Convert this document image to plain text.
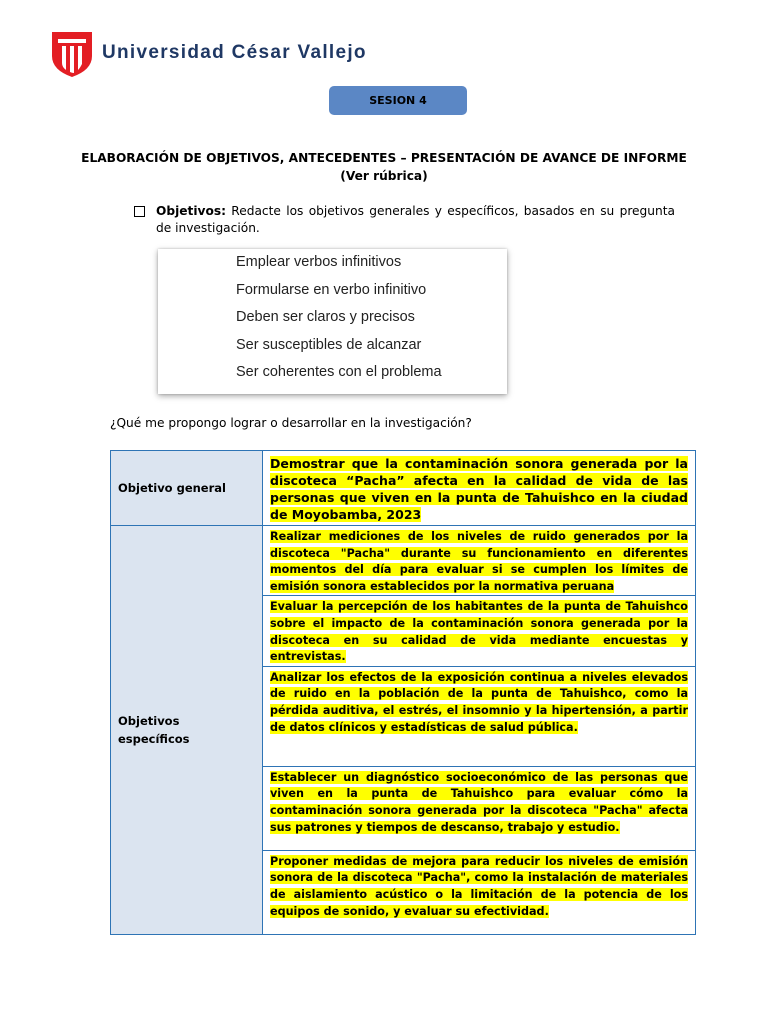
Universidad César Vallejo
SESION 4
ELABORACIÓN DE OBJETIVOS, ANTECEDENTES – PRESENTACIÓN DE AVANCE DE INFORME
(Ver rúbrica)
Objetivos: Redacte los objetivos generales y específicos, basados en su pregunta de investigación.
Emplear verbos infinitivos
Formularse en verbo infinitivo
Deben ser claros y precisos
Ser susceptibles de alcanzar
Ser coherentes con el problema
¿Qué me propongo lograr o desarrollar en la investigación?
Objetivo general	Demostrar que la contaminación sonora generada por la discoteca “Pacha” afecta en la calidad de vida de las personas que viven en la punta de Tahuishco en la ciudad de Moyobamba, 2023
Objetivos específicos	Realizar mediciones de los niveles de ruido generados por la discoteca "Pacha" durante su funcionamiento en diferentes momentos del día para evaluar si se cumplen los límites de emisión sonora establecidos por la normativa peruana
	Evaluar la percepción de los habitantes de la punta de Tahuishco sobre el impacto de la contaminación sonora generada por la discoteca en su calidad de vida mediante encuestas y entrevistas.
	Analizar los efectos de la exposición continua a niveles elevados de ruido en la población de la punta de Tahuishco, como la pérdida auditiva, el estrés, el insomnio y la hipertensión, a partir de datos clínicos y estadísticas de salud pública.
	Establecer un diagnóstico socioeconómico de las personas que viven en la punta de Tahuishco para evaluar cómo la contaminación sonora generada por la discoteca "Pacha" afecta sus patrones y tiempos de descanso, trabajo y estudio.
	Proponer medidas de mejora para reducir los niveles de emisión sonora de la discoteca "Pacha", como la instalación de materiales de aislamiento acústico o la limitación de la potencia de los equipos de sonido, y evaluar su efectividad.
